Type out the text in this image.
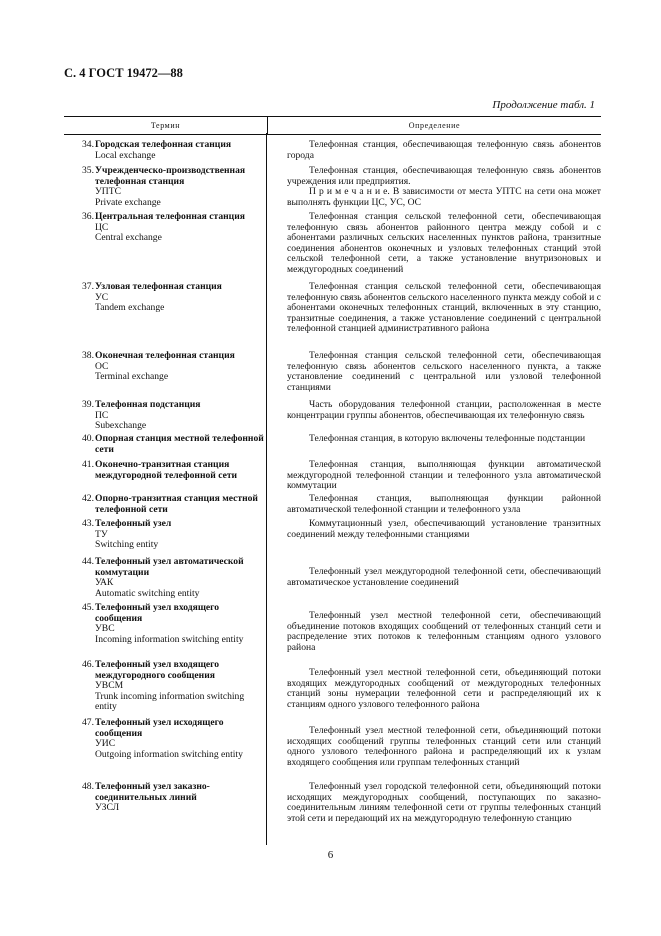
С. 4 ГОСТ 19472—88
Продолжение табл. 1
Термин	Определение
34. Городская телефонная станция
Local exchange
Телефонная станция, обеспечивающая телефонную связь абонентов города
35. Учрежденческо-производственная телефонная станция
УПТС
Private exchange
Телефонная станция, обеспечивающая телефонную связь абонентов учреждения или предприятия.
П р и м е ч а н и е. В зависимости от места УПТС на сети она может выполнять функции ЦС, УС, ОС
36. Центральная телефонная станция
ЦС
Central exchange
Телефонная станция сельской телефонной сети, обеспечивающая телефонную связь абонентов районного центра между собой и с абонентами различных сельских населенных пунктов района, транзитные соединения абонентов оконечных и узловых телефонных станций этой сельской телефонной сети, а также установление внутризоновых и междугородных соединений
37. Узловая телефонная станция
УС
Tandem exchange
Телефонная станция сельской телефонной сети, обеспечивающая телефонную связь абонентов сельского населенного пункта между собой и с абонентами оконечных телефонных станций, включенных в эту станцию, транзитные соединения, а также установление соединений с центральной телефонной станцией административного района
38. Оконечная телефонная станция
ОС
Terminal exchange
Телефонная станция сельской телефонной сети, обеспечивающая телефонную связь абонентов сельского населенного пункта, а также установление соединений с центральной или узловой телефонной станциями
39. Телефонная подстанция
ПС
Subexchange
Часть оборудования телефонной станции, расположенная в месте концентрации группы абонентов, обеспечивающая их телефонную связь
40. Опорная станция местной телефонной сети
Телефонная станция, в которую включены телефонные подстанции
41. Оконечно-транзитная станция междугородной телефонной сети
Телефонная станция, выполняющая функции автоматической междугородной телефонной станции и телефонного узла автоматической коммутации
42. Опорно-транзитная станция местной телефонной сети
Телефонная станция, выполняющая функции районной автоматической телефонной станции и телефонного узла
43. Телефонный узел
ТУ
Switching entity
Коммутационный узел, обеспечивающий установление транзитных соединений между телефонными станциями
44. Телефонный узел автоматической коммутации
УАК
Automatic switching entity
Телефонный узел междугородной телефонной сети, обеспечивающий автоматическое установление соединений
45. Телефонный узел входящего сообщения
УВС
Incoming information switching entity
Телефонный узел местной телефонной сети, обеспечивающий объединение потоков входящих сообщений от телефонных станций сети и распределение этих потоков к телефонным станциям одного узлового района
46. Телефонный узел входящего междугородного сообщения
УВСМ
Trunk incoming information switching entity
Телефонный узел местной телефонной сети, объединяющий потоки входящих междугородных сообщений от междугородных телефонных станций зоны нумерации телефонной сети и распределяющий их к станциям одного узлового телефонного района
47. Телефонный узел исходящего сообщения
УИС
Outgoing information switching entity
Телефонный узел местной телефонной сети, объединяющий потоки исходящих сообщений группы телефонных станций сети или станций одного узлового телефонного района и распределяющий их к узлам входящего сообщения или группам телефонных станций
48. Телефонный узел заказно-соединительных линий
УЗСЛ
Телефонный узел городской телефонной сети, объединяющий потоки исходящих междугородных сообщений, поступающих по заказно-соединительным линиям телефонной сети от группы телефонных станций этой сети и передающий их на междугородную телефонную станцию
6
